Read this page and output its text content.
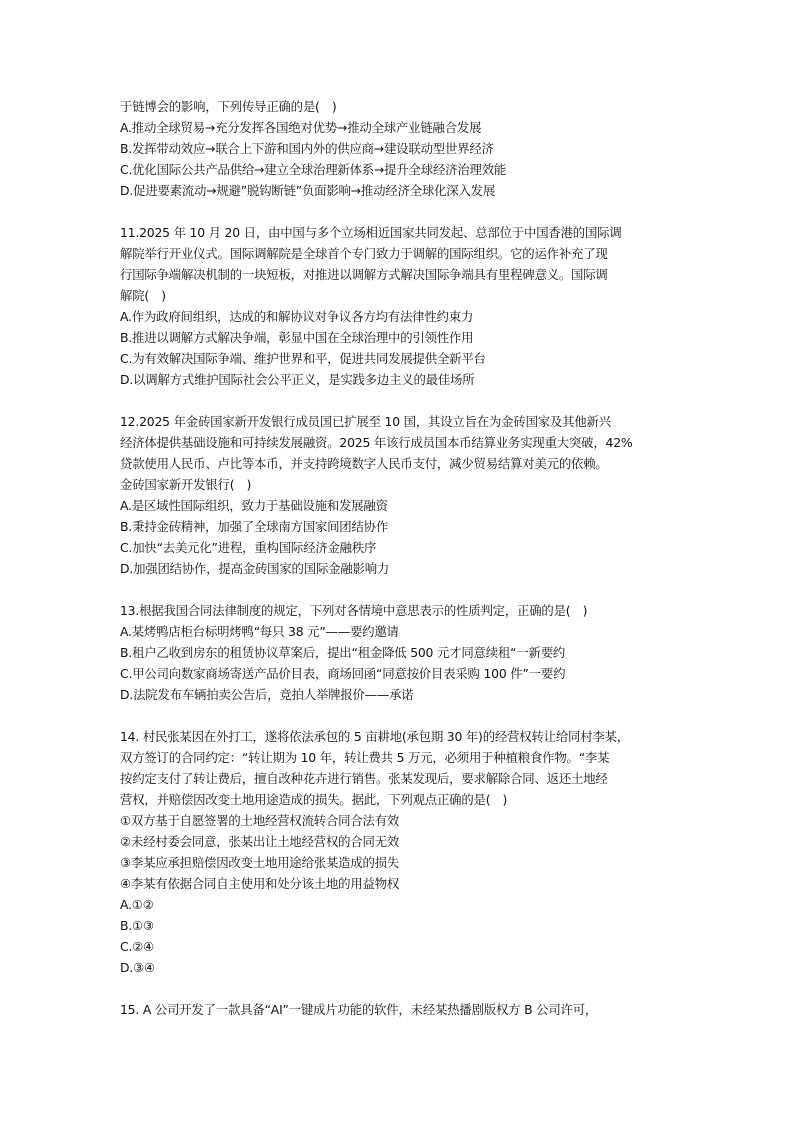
于链博会的影响，下列传导正确的是(　)
A.推动全球贸易→充分发挥各国绝对优势→推动全球产业链融合发展
B.发挥带动效应→联合上下游和国内外的供应商→建设联动型世界经济
C.优化国际公共产品供给→建立全球治理新体系→提升全球经济治理效能
D.促进要素流动→规避”脱钩断链”负面影响→推动经济全球化深入发展
11.2025 年 10 月 20 日，由中国与多个立场相近国家共同发起、总部位于中国香港的国际调
解院举行开业仪式。国际调解院是全球首个专门致力于调解的国际组织。它的运作补充了现
行国际争端解决机制的一块短板，对推进以调解方式解决国际争端具有里程碑意义。国际调
解院(　)
A.作为政府间组织，达成的和解协议对争议各方均有法律性约束力
B.推进以调解方式解决争端，彰显中国在全球治理中的引领性作用
C.为有效解决国际争端、维护世界和平，促进共同发展提供全新平台
D.以调解方式维护国际社会公平正义，是实践多边主义的最佳场所
12.2025 年金砖国家新开发银行成员国已扩展至 10 国，其设立旨在为金砖国家及其他新兴
经济体提供基础设施和可持续发展融资。2025 年该行成员国本币结算业务实现重大突破，42%
贷款使用人民币、卢比等本币，并支持跨境数字人民币支付，减少贸易结算对美元的依赖。
金砖国家新开发银行(　)
A.是区域性国际组织，致力于基础设施和发展融资
B.秉持金砖精神，加强了全球南方国家间团结协作
C.加快“去美元化”进程，重构国际经济金融秩序
D.加强团结协作，提高金砖国家的国际金融影响力
13.根据我国合同法律制度的规定，下列对各情境中意思表示的性质判定，正确的是(　)
A.某烤鸭店柜台标明烤鸭“每只 38 元”——要约邀请
B.租户乙收到房东的租赁协议草案后，提出“租金降低 500 元才同意续租“一新要约
C.甲公司向数家商场寄送产品价目表，商场回函“同意按价目表采购 100 件”一要约
D.法院发布车辆拍卖公告后，竞拍人举牌报价——承诺
14. 村民张某因在外打工，遂将依法承包的 5 亩耕地(承包期 30 年)的经营权转让给同村李某，
双方签订的合同约定：“转让期为 10 年，转让费共 5 万元，必须用于种植粮食作物。“李某
按约定支付了转让费后，擅自改种花卉进行销售。张某发现后，要求解除合同、返还土地经
营权，并赔偿因改变土地用途造成的损失。据此，下列观点正确的是(　)
①双方基于自愿签署的土地经营权流转合同合法有效
②未经村委会同意，张某出让土地经营权的合同无效
③李某应承担赔偿因改变土地用途给张某造成的损失
④李某有依据合同自主使用和处分该土地的用益物权
A.①②
B.①③
C.②④
D.③④
15. A 公司开发了一款具备“AI”一键成片功能的软件，未经某热播剧版权方 B 公司许可，
